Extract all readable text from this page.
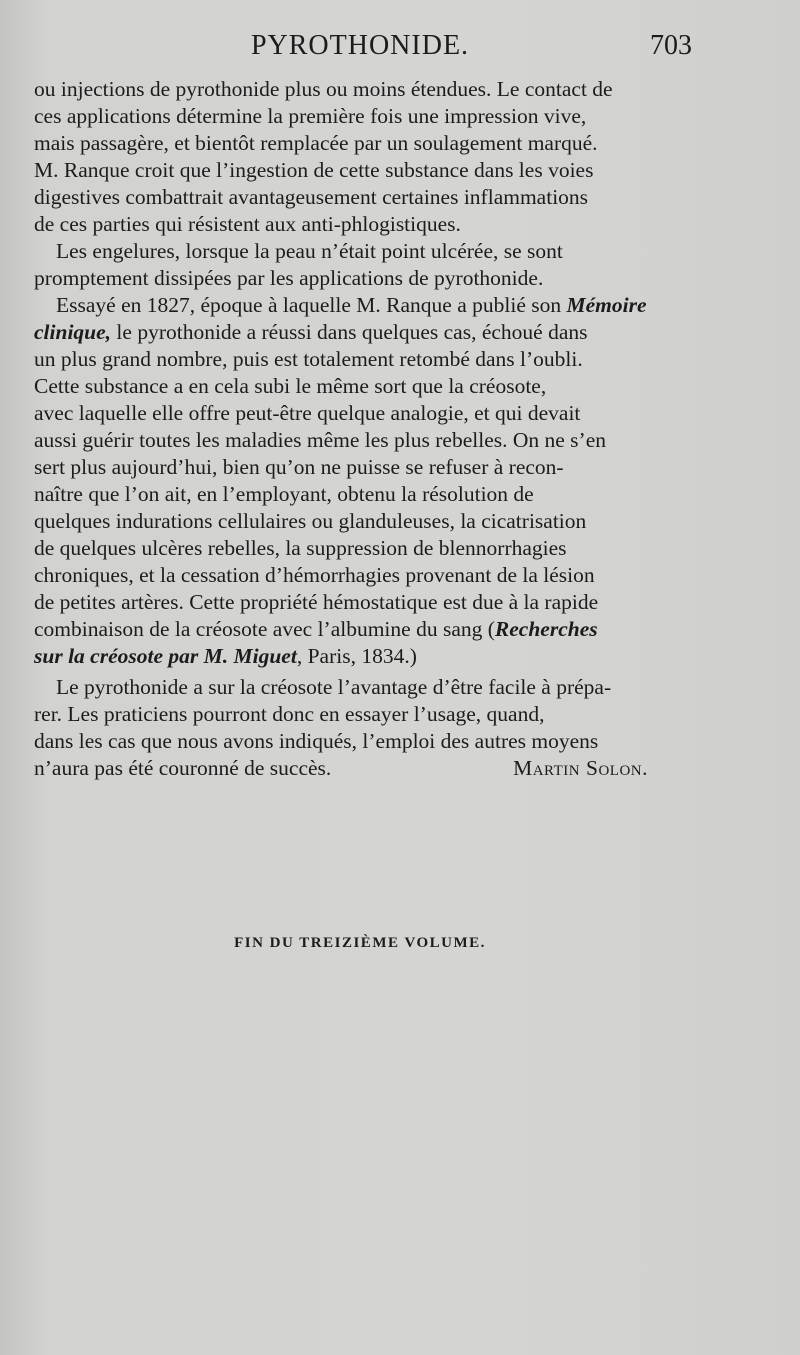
PYROTHONIDE.	703

ou injections de pyrothonide plus ou moins étendues. Le contact de
ces applications détermine la première fois une impression vive,
mais passagère, et bientôt remplacée par un soulagement marqué.
M. Ranque croit que l’ingestion de cette substance dans les voies
digestives combattrait avantageusement certaines inflammations
de ces parties qui résistent aux anti-phlogistiques.

Les engelures, lorsque la peau n’était point ulcérée, se sont
promptement dissipées par les applications de pyrothonide.

Essayé en 1827, époque à laquelle M. Ranque a publié son Mémoire
clinique, le pyrothonide a réussi dans quelques cas, échoué dans
un plus grand nombre, puis est totalement retombé dans l’oubli.
Cette substance a en cela subi le même sort que la créosote,
avec laquelle elle offre peut-être quelque analogie, et qui devait
aussi guérir toutes les maladies même les plus rebelles. On ne s’en
sert plus aujourd’hui, bien qu’on ne puisse se refuser à recon-
naître que l’on ait, en l’employant, obtenu la résolution de
quelques indurations cellulaires ou glanduleuses, la cicatrisation
de quelques ulcères rebelles, la suppression de blennorrhagies
chroniques, et la cessation d’hémorrhagies provenant de la lésion
de petites artères. Cette propriété hémostatique est due à la rapide
combinaison de la créosote avec l’albumine du sang (Recherches
sur la créosote par M. Miguet, Paris, 1834.)

Le pyrothonide a sur la créosote l’avantage d’être facile à prépa-
rer. Les praticiens pourront donc en essayer l’usage, quand,
dans les cas que nous avons indiqués, l’emploi des autres moyens
n’aura pas été couronné de succès.	Martin Solon.

FIN DU TREIZIÈME VOLUME.
